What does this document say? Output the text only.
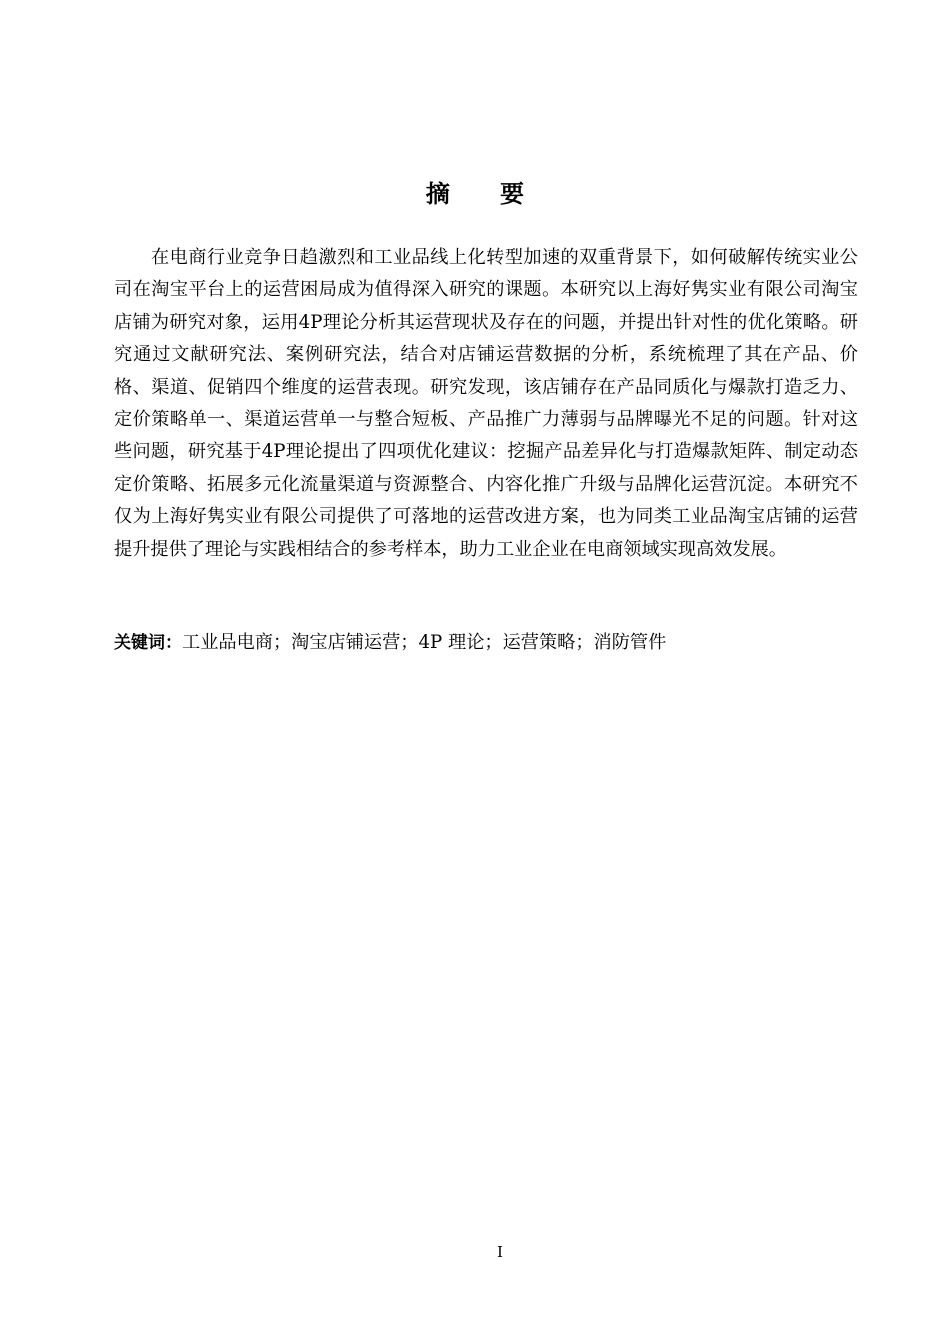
摘      要

在电商行业竞争日趋激烈和工业品线上化转型加速的双重背景下，如何破解传统实业公司在淘宝平台上的运营困局成为值得深入研究的课题。本研究以上海好隽实业有限公司淘宝店铺为研究对象，运用4P理论分析其运营现状及存在的问题，并提出针对性的优化策略。研究通过文献研究法、案例研究法，结合对店铺运营数据的分析，系统梳理了其在产品、价格、渠道、促销四个维度的运营表现。研究发现，该店铺存在产品同质化与爆款打造乏力、定价策略单一、渠道运营单一与整合短板、产品推广力薄弱与品牌曝光不足的问题。针对这些问题，研究基于4P理论提出了四项优化建议：挖掘产品差异化与打造爆款矩阵、制定动态定价策略、拓展多元化流量渠道与资源整合、内容化推广升级与品牌化运营沉淀。本研究不仅为上海好隽实业有限公司提供了可落地的运营改进方案，也为同类工业品淘宝店铺的运营提升提供了理论与实践相结合的参考样本，助力工业企业在电商领域实现高效发展。

关键词：工业品电商；淘宝店铺运营；4P 理论；运营策略；消防管件
I
